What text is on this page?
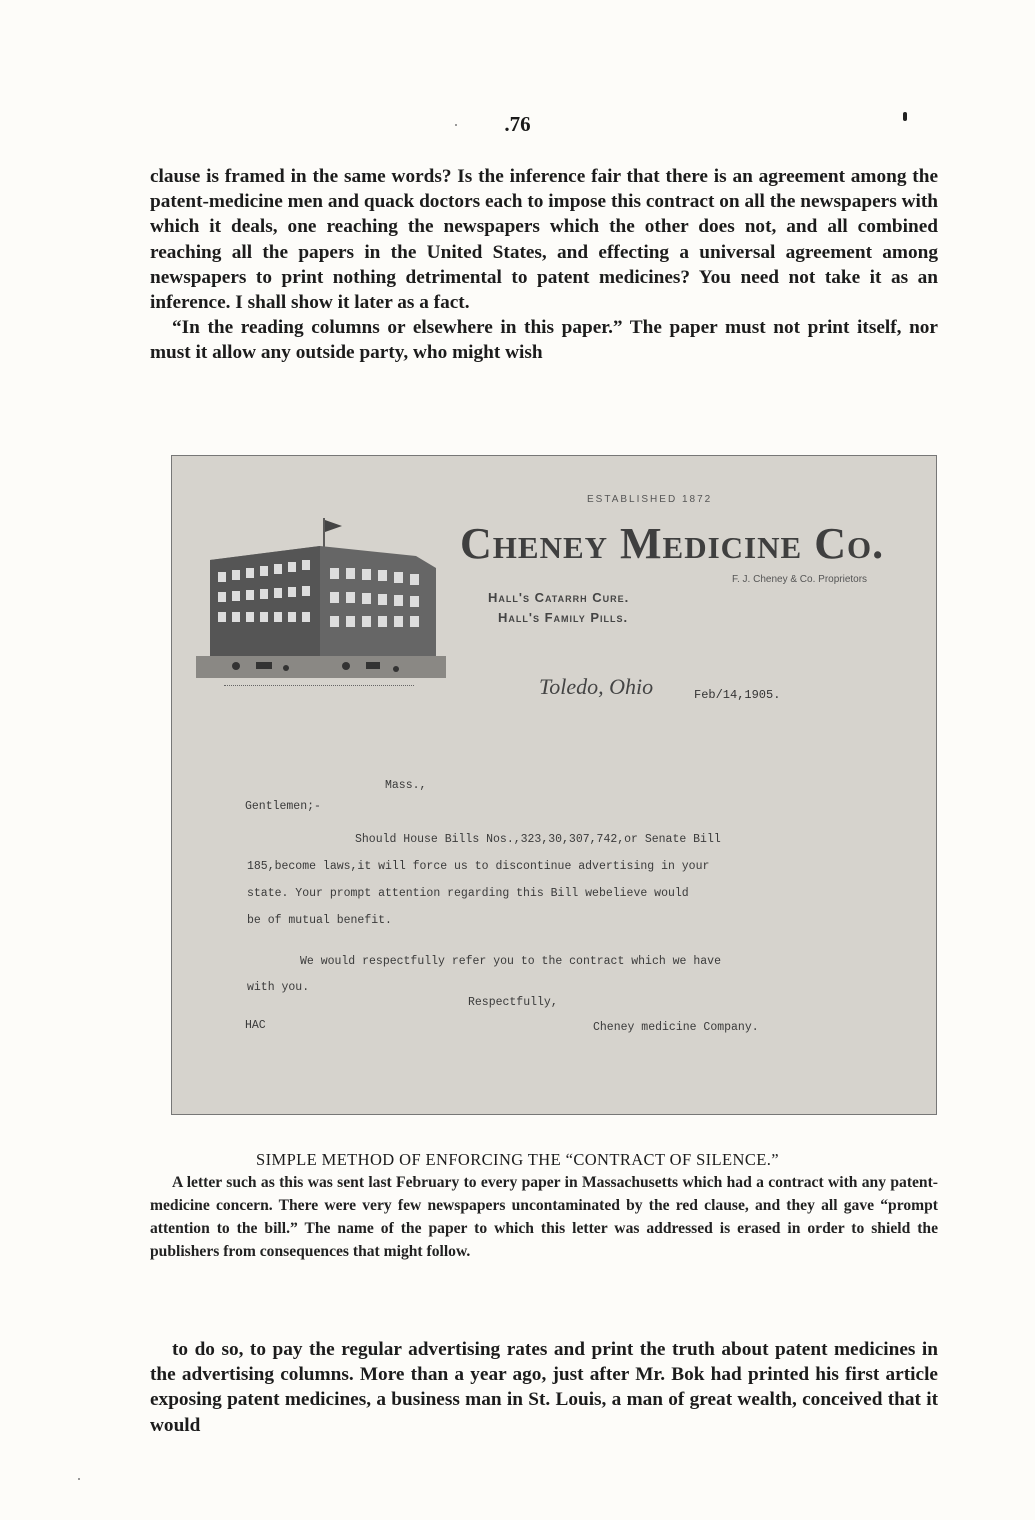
.76

clause is framed in the same words? Is the inference fair that there is an agreement among the patent-medicine men and quack doctors each to impose this contract on all the newspapers with which it deals, one reaching the newspapers which the other does not, and all combined reaching all the papers in the United States, and effecting a universal agreement among newspapers to print nothing detrimental to patent medicines? You need not take it as an inference. I shall show it later as a fact.

“In the reading columns or elsewhere in this paper.” The paper must not print itself, nor must it allow any outside party, who might wish

ESTABLISHED 1872
Cheney Medicine Co.
F. J. Cheney & Co. Proprietors
Hall's Catarrh Cure.
Hall's Family Pills.
Toledo, Ohio	Feb/14,1905.
Mass.,
Gentlemen;-
Should House Bills Nos.,323,30,307,742,or Senate Bill
185,become laws,it will force us to discontinue advertising in your
state. Your prompt attention regarding this Bill webelieve would
be of mutual benefit.
We would respectfully refer you to the contract which we have
with you.
Respectfully,
HAC	Cheney medicine Company.
SIMPLE METHOD OF ENFORCING THE “CONTRACT OF SILENCE.”

A letter such as this was sent last February to every paper in Massachusetts which had a contract with any patent-medicine concern. There were very few newspapers uncontaminated by the red clause, and they all gave “prompt attention to the bill.” The name of the paper to which this letter was addressed is erased in order to shield the publishers from consequences that might follow.

to do so, to pay the regular advertising rates and print the truth about patent medicines in the advertising columns. More than a year ago, just after Mr. Bok had printed his first article exposing patent medicines, a business man in St. Louis, a man of great wealth, conceived that it would
